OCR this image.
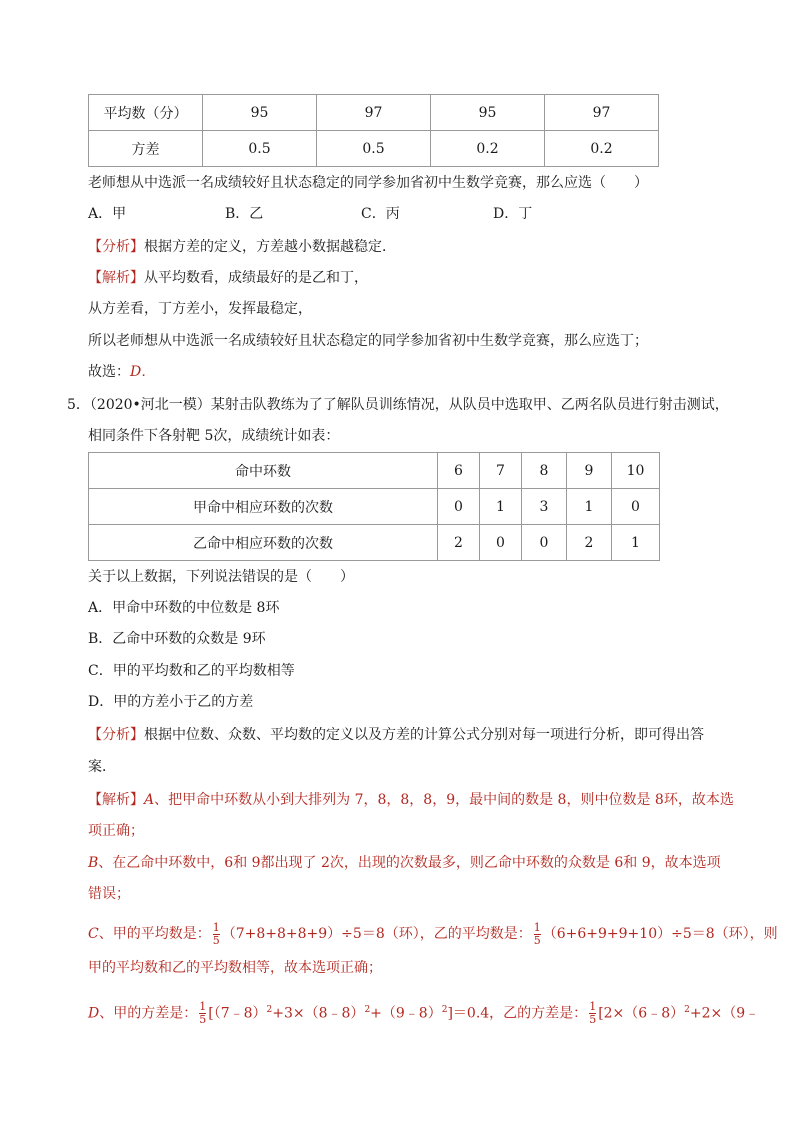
平均数（分）	95	97	95	97
方差	0.5	0.5	0.2	0.2
老师想从中选派一名成绩较好且状态稳定的同学参加省初中生数学竞赛，那么应选（　　）
A．甲	B．乙	C．丙	D．丁
【分析】根据方差的定义，方差越小数据越稳定．
【解析】从平均数看，成绩最好的是乙和丁，
从方差看，丁方差小，发挥最稳定，
所以老师想从中选派一名成绩较好且状态稳定的同学参加省初中生数学竞赛，那么应选丁；
故选：D．
5．（2020•河北一模）某射击队教练为了了解队员训练情况，从队员中选取甲、乙两名队员进行射击测试，
相同条件下各射靶 5次，成绩统计如表：
命中环数	6	7	8	9	10
甲命中相应环数的次数	0	1	3	1	0
乙命中相应环数的次数	2	0	0	2	1
关于以上数据，下列说法错误的是（　　）
A．甲命中环数的中位数是 8环
B．乙命中环数的众数是 9环
C．甲的平均数和乙的平均数相等
D．甲的方差小于乙的方差
【分析】根据中位数、众数、平均数的定义以及方差的计算公式分别对每一项进行分析，即可得出答
案．
【解析】A、把甲命中环数从小到大排列为 7，8，8，8，9，最中间的数是 8，则中位数是 8环，故本选
项正确；
B、在乙命中环数中，6和 9都出现了 2次，出现的次数最多，则乙命中环数的众数是 6和 9，故本选项
错误；
C、甲的平均数是： $\frac{1}{5} (7+8+8+8+9)\div 5=8$（环），乙的平均数是： $\frac{1}{5} (6+6+9+9+10)\div 5=8$（环），则
甲的平均数和乙的平均数相等，故本选项正确；
D、甲的方差是： $\frac{1}{5}$ [（7﹣8）$^2$+3×（8﹣8）$^2$+（9﹣8）$^2$]＝0.4，乙的方差是： $\frac{1}{5}$ [2×（6﹣8）$^2$+2×（9﹣
